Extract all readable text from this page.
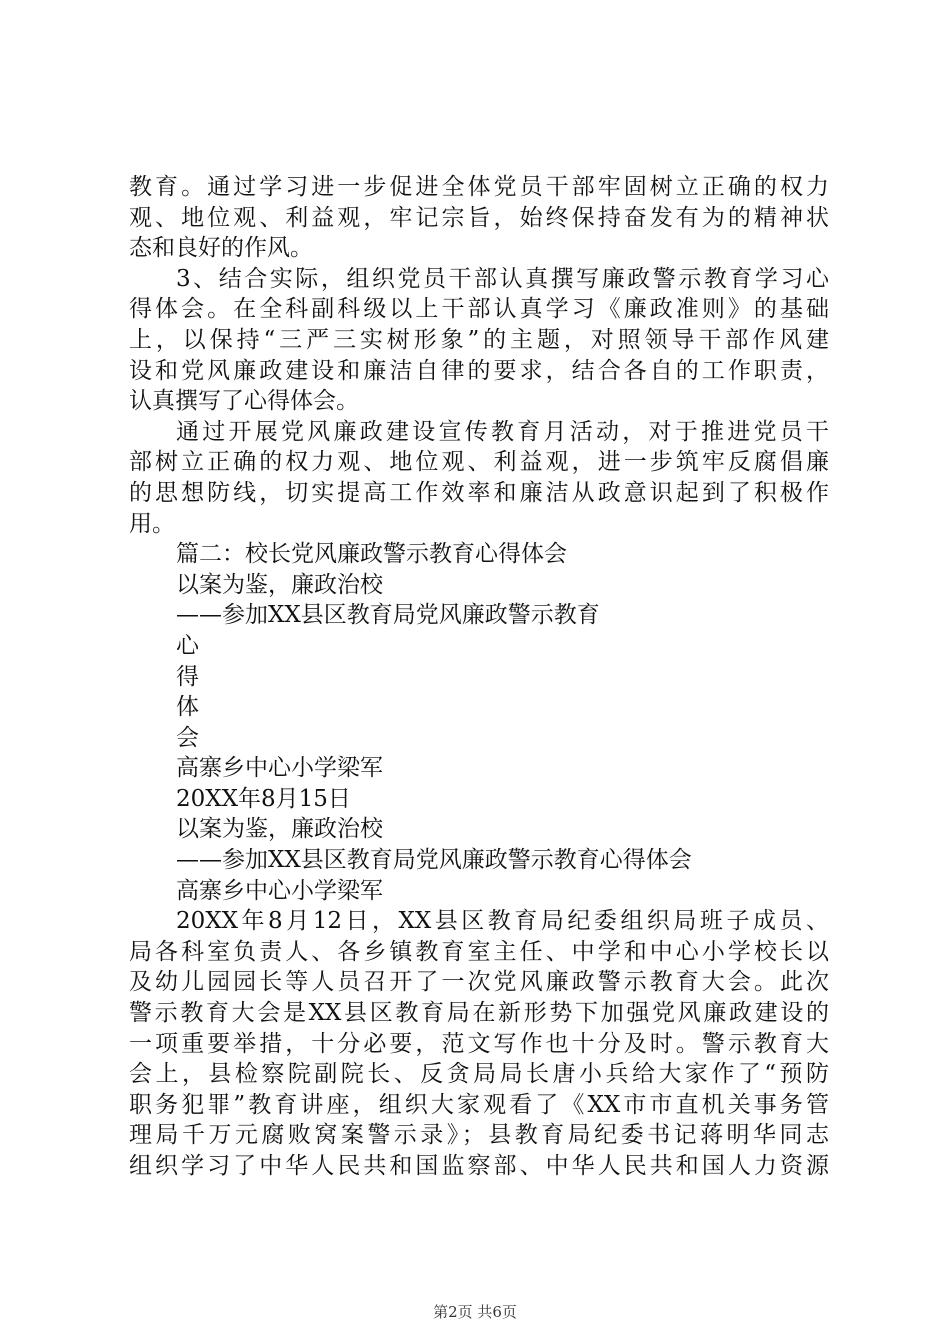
教育。通过学习进一步促进全体党员干部牢固树立正确的权力
观、地位观、利益观，牢记宗旨，始终保持奋发有为的精神状
态和良好的作风。
3、结合实际，组织党员干部认真撰写廉政警示教育学习心
得体会。在全科副科级以上干部认真学习《廉政准则》的基础
上，以保持“三严三实树形象”的主题，对照领导干部作风建
设和党风廉政建设和廉洁自律的要求，结合各自的工作职责，
认真撰写了心得体会。
通过开展党风廉政建设宣传教育月活动，对于推进党员干
部树立正确的权力观、地位观、利益观，进一步筑牢反腐倡廉
的思想防线，切实提高工作效率和廉洁从政意识起到了积极作
用。
篇二：校长党风廉政警示教育心得体会
以案为鉴，廉政治校
——参加XX县区教育局党风廉政警示教育
心
得
体
会
高寨乡中心小学梁军
20XX年8月15日
以案为鉴，廉政治校
——参加XX县区教育局党风廉政警示教育心得体会
高寨乡中心小学梁军
20XX年8月12日，XX县区教育局纪委组织局班子成员、
局各科室负责人、各乡镇教育室主任、中学和中心小学校长以
及幼儿园园长等人员召开了一次党风廉政警示教育大会。此次
警示教育大会是XX县区教育局在新形势下加强党风廉政建设的
一项重要举措，十分必要，范文写作也十分及时。警示教育大
会上，县检察院副院长、反贪局局长唐小兵给大家作了“预防
职务犯罪”教育讲座，组织大家观看了《XX市市直机关事务管
理局千万元腐败窝案警示录》；县教育局纪委书记蒋明华同志
组织学习了中华人民共和国监察部、中华人民共和国人力资源
第2页 共6页
